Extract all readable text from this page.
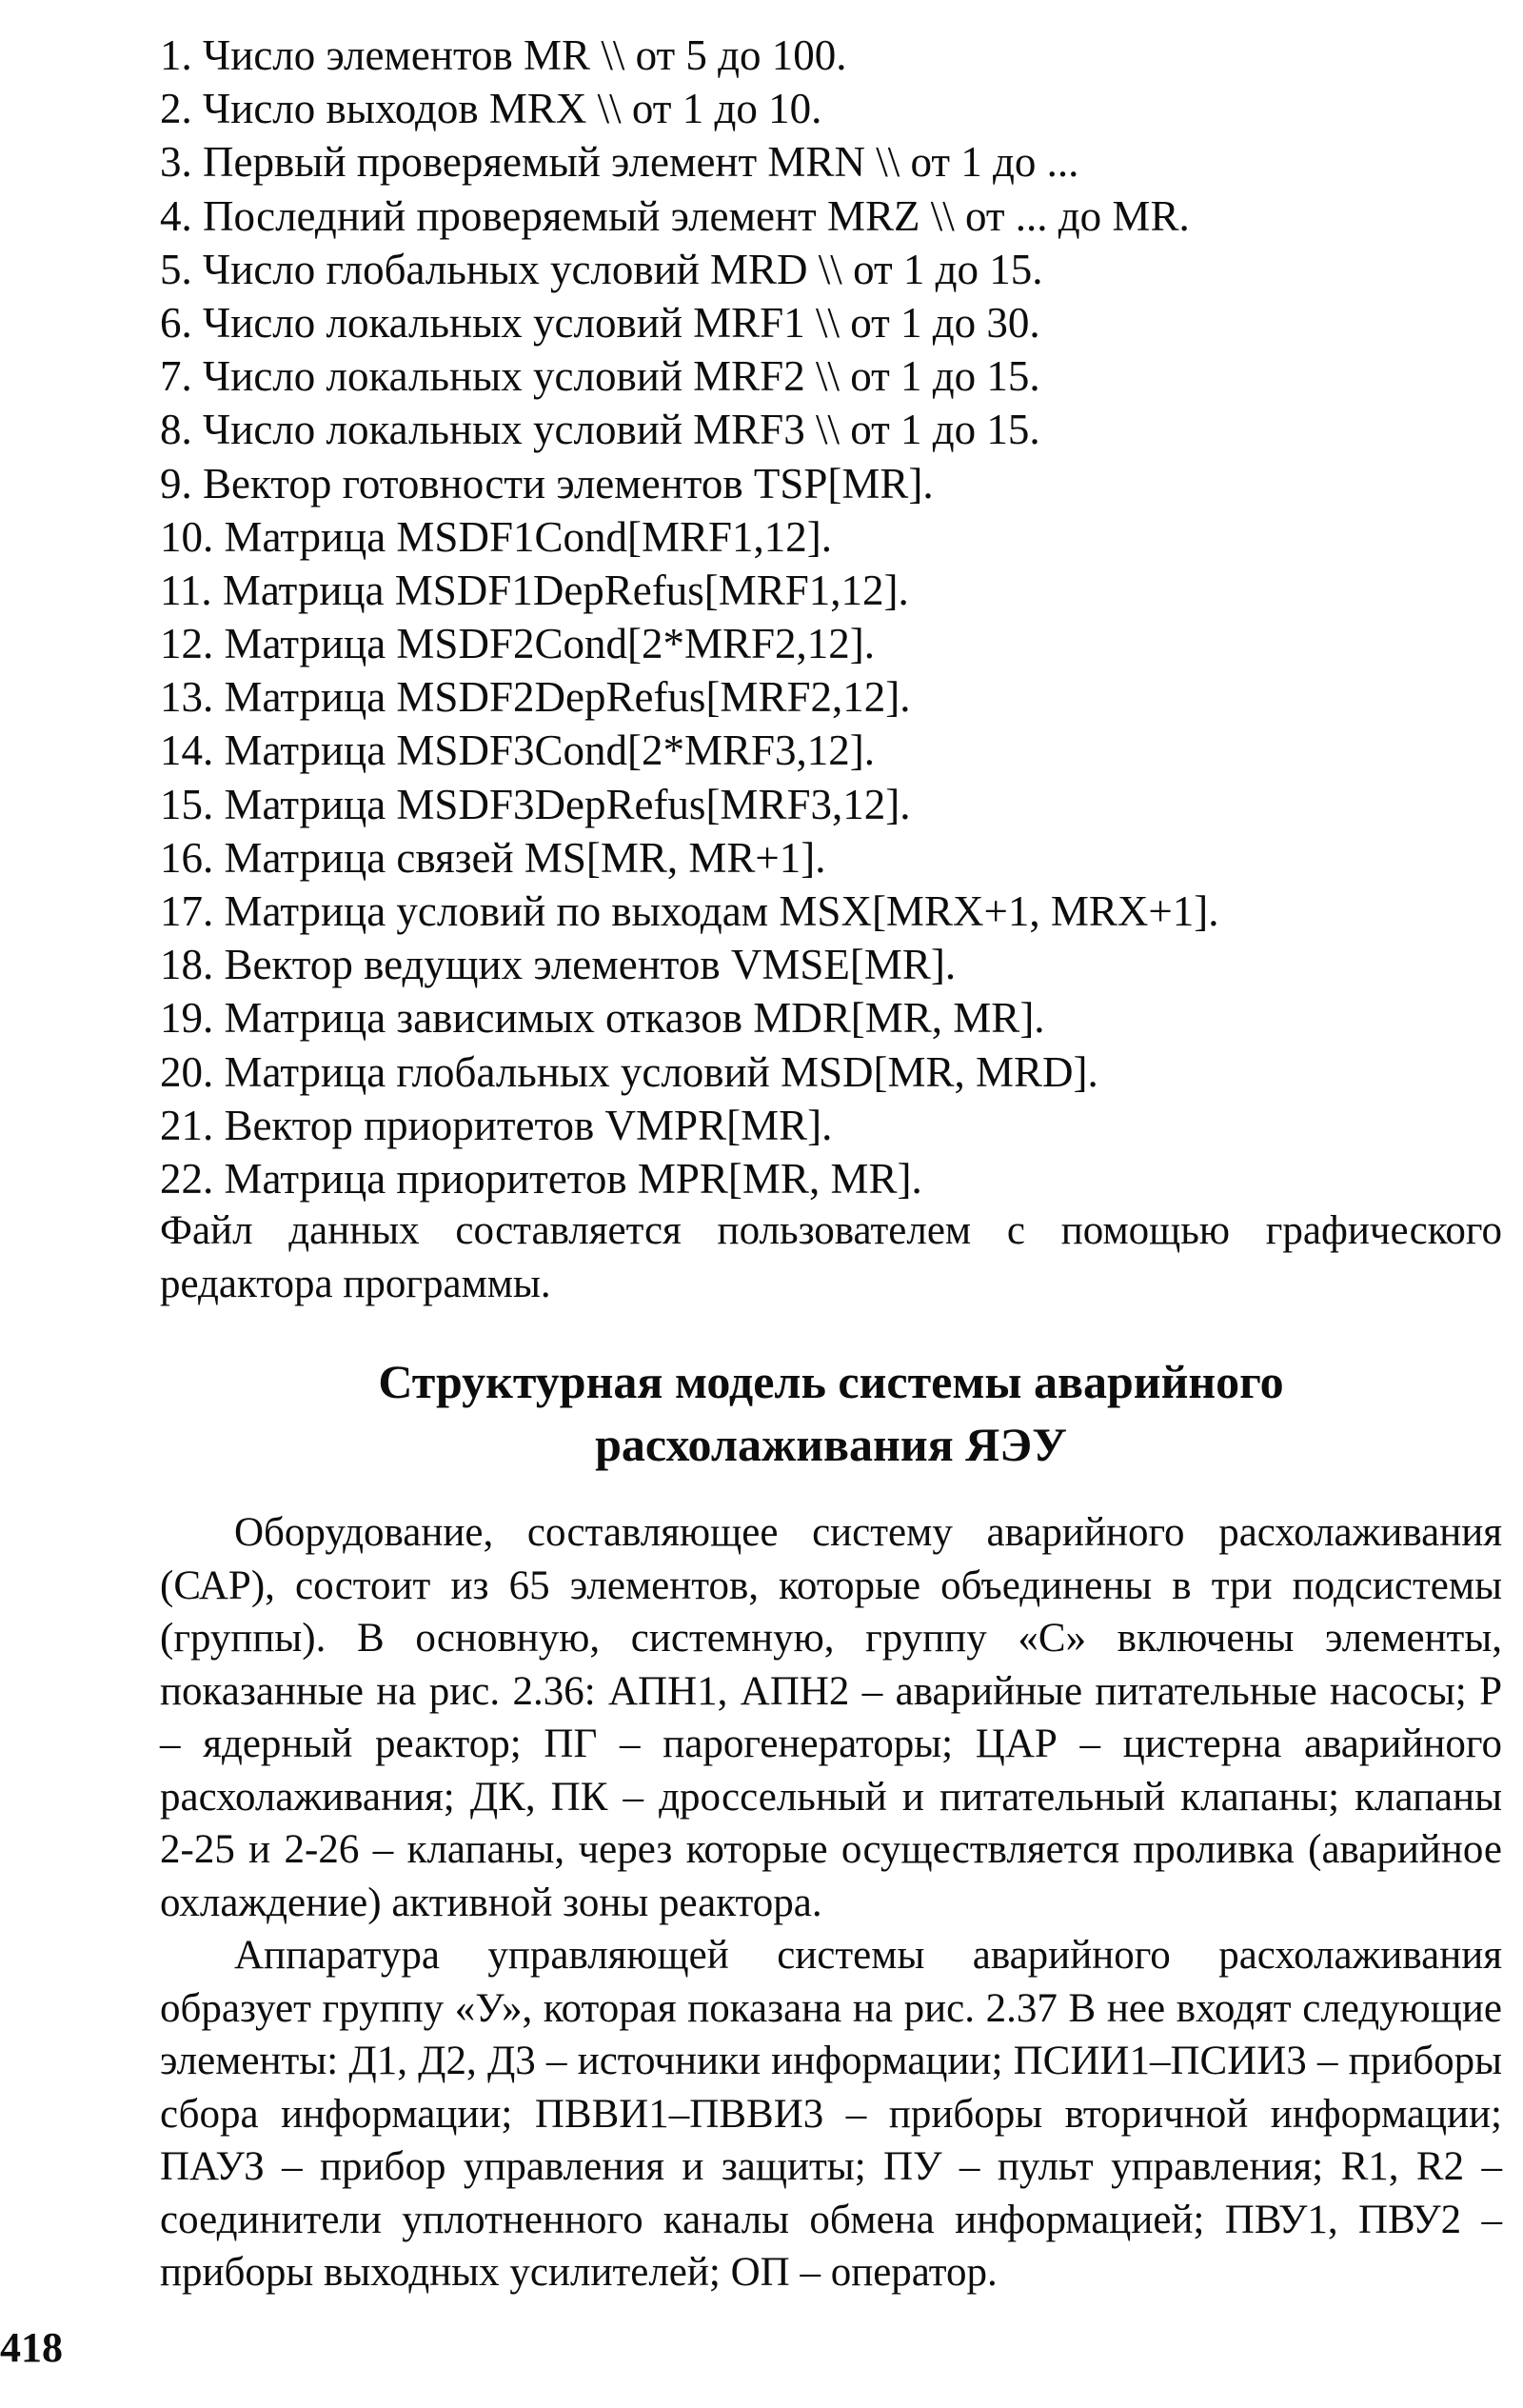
1. Число элементов MR \\ от 5 до 100.
2. Число выходов MRX \\ от 1 до 10.
3. Первый проверяемый элемент MRN \\ от 1 до ...
4. Последний проверяемый элемент MRZ \\ от ... до MR.
5. Число глобальных условий MRD \\ от 1 до 15.
6. Число локальных условий MRF1 \\ от 1 до 30.
7. Число локальных условий MRF2 \\ от 1 до 15.
8. Число локальных условий MRF3 \\ от 1 до 15.
9. Вектор готовности элементов TSP[MR].
10. Матрица MSDF1Cond[MRF1,12].
11. Матрица MSDF1DepRefus[MRF1,12].
12. Матрица MSDF2Cond[2*MRF2,12].
13. Матрица MSDF2DepRefus[MRF2,12].
14. Матрица MSDF3Cond[2*MRF3,12].
15. Матрица MSDF3DepRefus[MRF3,12].
16. Матрица связей MS[MR, MR+1].
17. Матрица условий по выходам MSX[MRX+1, MRX+1].
18. Вектор ведущих элементов VMSE[MR].
19. Матрица зависимых отказов MDR[MR, MR].
20. Матрица глобальных условий MSD[MR, MRD].
21. Вектор приоритетов VMPR[MR].
22. Матрица приоритетов MPR[MR, MR].

Файл данных составляется пользователем с помощью графического редактора программы.

Структурная модель системы аварийного
расхолаживания ЯЭУ

Оборудование, составляющее систему аварийного расхолаживания (САР), состоит из 65 элементов, которые объединены в три подсистемы (группы). В основную, системную, группу «С» включены элементы, показанные на рис. 2.36: АПН1, АПН2 – аварийные питательные насосы; Р – ядерный реактор; ПГ – парогенераторы; ЦАР – цистерна аварийного расхолаживания; ДК, ПК – дроссельный и питательный клапаны; клапаны 2-25 и 2-26 – клапаны, через которые осуществляется проливка (аварийное охлаждение) активной зоны реактора.

Аппаратура управляющей системы аварийного расхолаживания образует группу «У», которая показана на рис. 2.37 В нее входят следующие элементы: Д1, Д2, Д3 – источники информации; ПСИИ1–ПСИИ3 – приборы сбора информации; ПВВИ1–ПВВИ3 – приборы вторичной информации; ПАУЗ – прибор управления и защиты; ПУ – пульт управления; R1, R2 – соединители уплотненного каналы обмена информацией; ПВУ1, ПВУ2 – приборы выходных усилителей; ОП – оператор.

418
